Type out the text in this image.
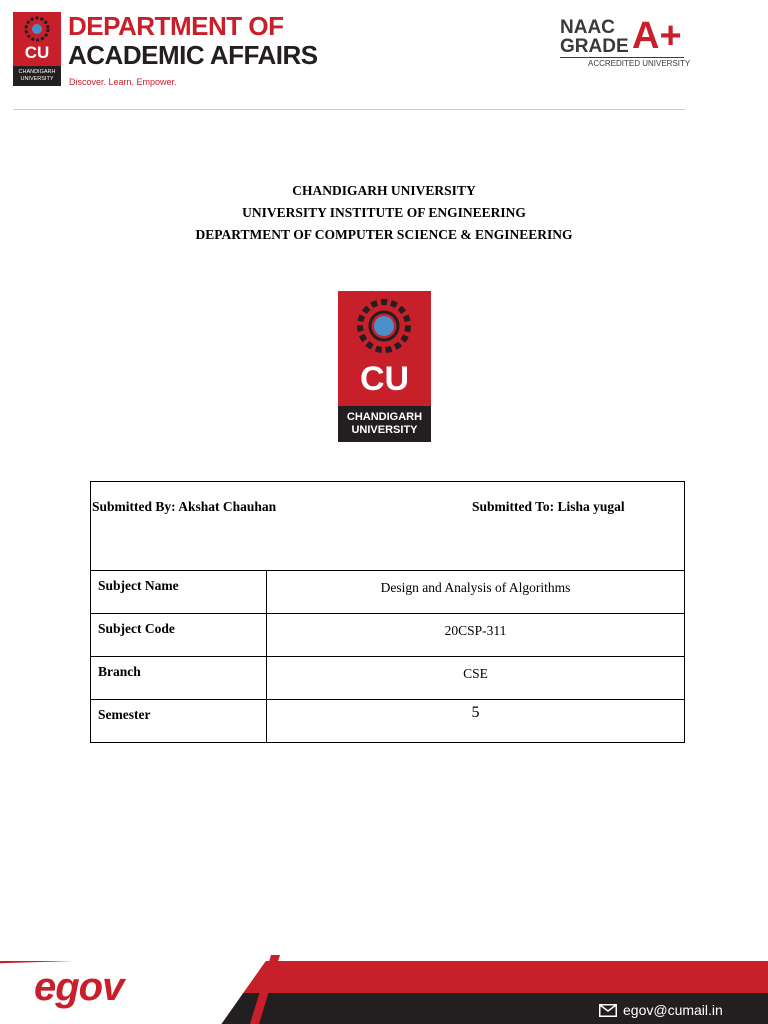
CU
CHANDIGARH UNIVERSITY
DEPARTMENT OF
ACADEMIC AFFAIRS
Discover. Learn. Empower.
NAAC
GRADE A+
ACCREDITED UNIVERSITY
CHANDIGARH UNIVERSITY
UNIVERSITY INSTITUTE OF ENGINEERING
DEPARTMENT OF COMPUTER SCIENCE & ENGINEERING
CU
CHANDIGARH
UNIVERSITY
Submitted By: Akshat Chauhan	Submitted To: Lisha yugal
Subject Name	Design and Analysis of Algorithms
Subject Code	20CSP-311
Branch	CSE
Semester	5
egov
egov@cumail.in
